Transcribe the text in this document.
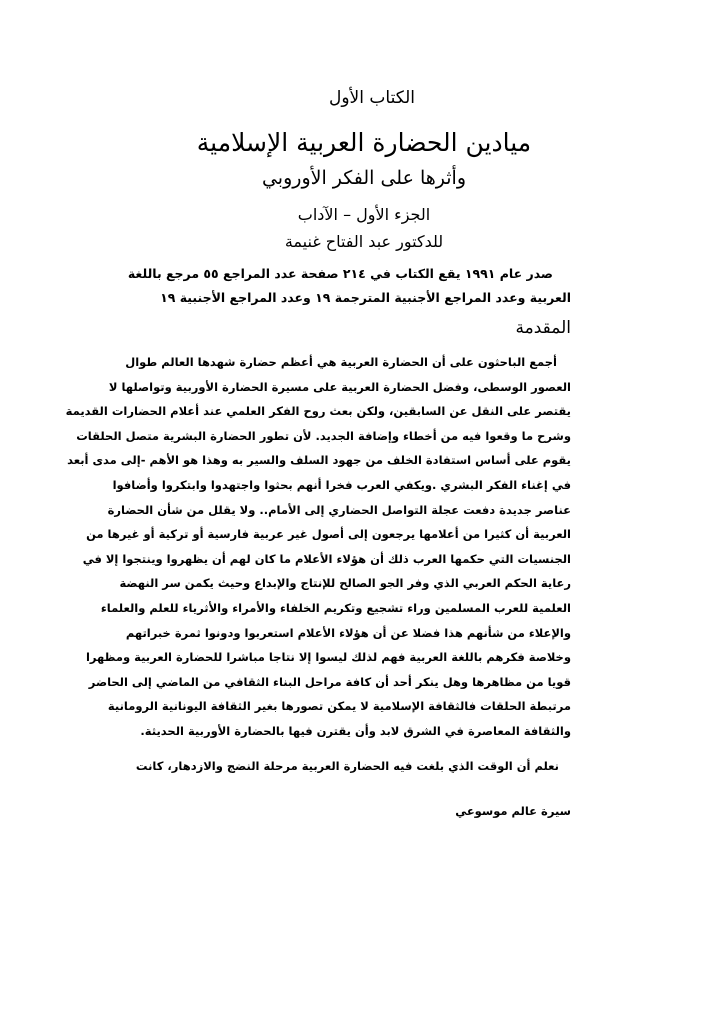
الكتاب الأول
ميادين الحضارة العربية الإسلامية
وأثرها على الفكر الأوروبي
الجزء الأول – الآداب
للدكتور عبد الفتاح غنيمة

صدر عام ١٩٩١ يقع الكتاب في ٢١٤ صفحة عدد المراجع ٥٥ مرجع باللغة

العربية وعدد المراجع الأجنبية المترجمة ١٩ وعدد المراجع الأجنبية ١٩

المقدمة
أجمع الباحثون على أن الحضارة العربية هي أعظم حضارة شهدها العالم طوال
العصور الوسطى، وفضل الحضارة العربية على مسيرة الحضارة الأوربية وتواصلها لا
يقتصر على النقل عن السابقين، ولكن بعث روح الفكر العلمي عند أعلام الحضارات القديمة
وشرح ما وقعوا فيه من أخطاء وإضافة الجديد. لأن تطور الحضارة البشرية متصل الحلقات
يقوم على أساس استفادة الخلف من جهود السلف والسير به وهذا هو الأهم -إلى مدى أبعد
في إغناء الفكر البشري .ويكفي العرب فخرا أنهم بحثوا واجتهدوا وابتكروا وأضافوا
عناصر جديدة دفعت عجلة التواصل الحضاري إلى الأمام.. ولا يقلل من شأن الحضارة
العربية أن كثيرا من أعلامها يرجعون إلى أصول غير عربية فارسية أو تركية أو غيرها من
الجنسيات التي حكمها العرب ذلك أن هؤلاء الأعلام ما كان لهم أن يظهروا وينتجوا إلا في
رعاية الحكم العربي الذي وفر الجو الصالح للإنتاج والإبداع وحيث يكمن سر النهضة
العلمية للعرب المسلمين وراء تشجيع وتكريم الخلفاء والأمراء والأثرياء للعلم والعلماء
والإعلاء من شأنهم هذا فضلا عن أن هؤلاء الأعلام استعربوا ودونوا ثمرة خبراتهم
وخلاصة فكرهم باللغة العربية فهم لذلك ليسوا إلا نتاجا مباشرا للحضارة العربية ومظهرا
قويا من مظاهرها وهل ينكر أحد أن كافة مراحل البناء الثقافي من الماضي إلى الحاضر
مرتبطة الحلقات فالثقافة الإسلامية لا يمكن تصورها بغير الثقافة اليونانية الرومانية
والثقافة المعاصرة في الشرق لابد وأن يقترن فيها بالحضارة الأوربية الحديثة.
نعلم أن الوقت الذي بلغت فيه الحضارة العربية مرحلة النضج والازدهار، كانت
سيرة عالم موسوعي
